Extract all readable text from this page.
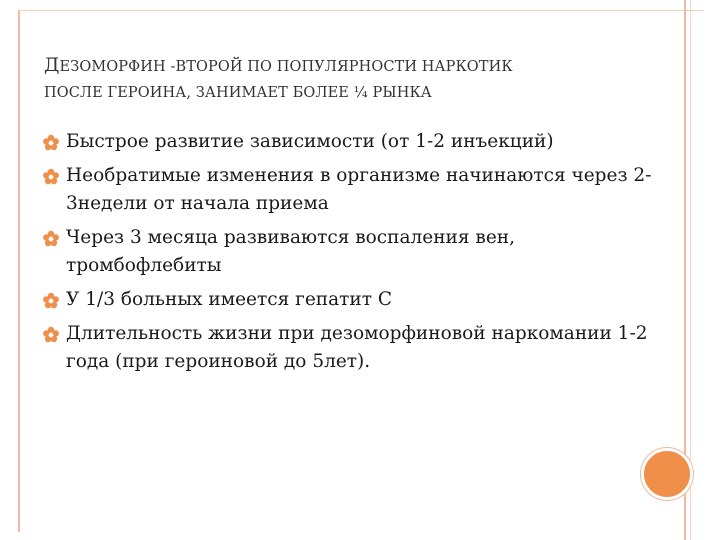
ДЕЗОМОРФИН -ВТОРОЙ ПО ПОПУЛЯРНОСТИ НАРКОТИК
ПОСЛЕ ГЕРОИНА, ЗАНИМАЕТ БОЛЕЕ ¼ РЫНКА
Быстрое развитие зависимости (от 1-2 инъекций)
Необратимые изменения в организме начинаются через 2-3недели от начала приема
Через 3 месяца развиваются воспаления вен, тромбофлебиты
У 1/3 больных имеется гепатит С
Длительность жизни при дезоморфиновой наркомании 1-2 года (при героиновой до 5лет).
